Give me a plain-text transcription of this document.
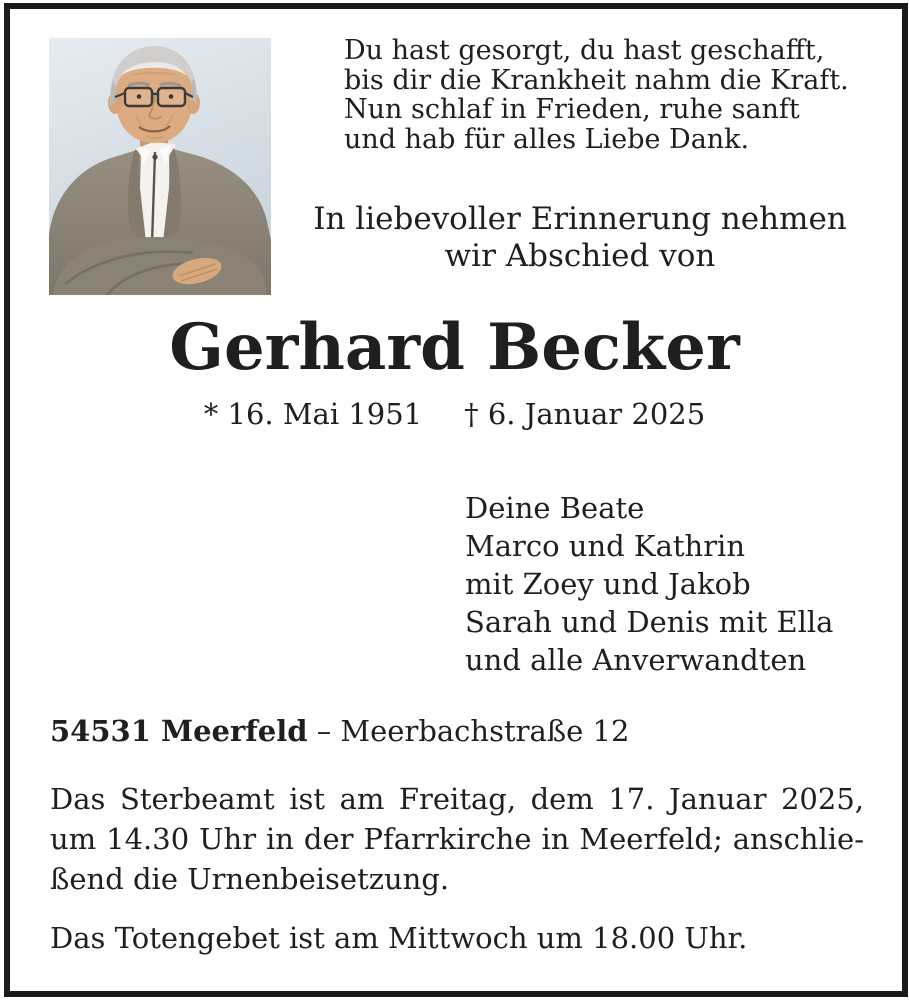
Du hast gesorgt, du hast geschafft,
bis dir die Krankheit nahm die Kraft.
Nun schlaf in Frieden, ruhe sanft
und hab für alles Liebe Dank.
In liebevoller Erinnerung nehmen
wir Abschied von
Gerhard Becker
* 16. Mai 1951 † 6. Januar 2025
Deine Beate
Marco und Kathrin
mit Zoey und Jakob
Sarah und Denis mit Ella
und alle Anverwandten
54531 Meerfeld – Meerbachstraße 12
Das Sterbeamt ist am Freitag, dem 17. Januar 2025,
um 14.30 Uhr in der Pfarrkirche in Meerfeld; anschlie-
ßend die Urnenbeisetzung.
Das Totengebet ist am Mittwoch um 18.00 Uhr.
